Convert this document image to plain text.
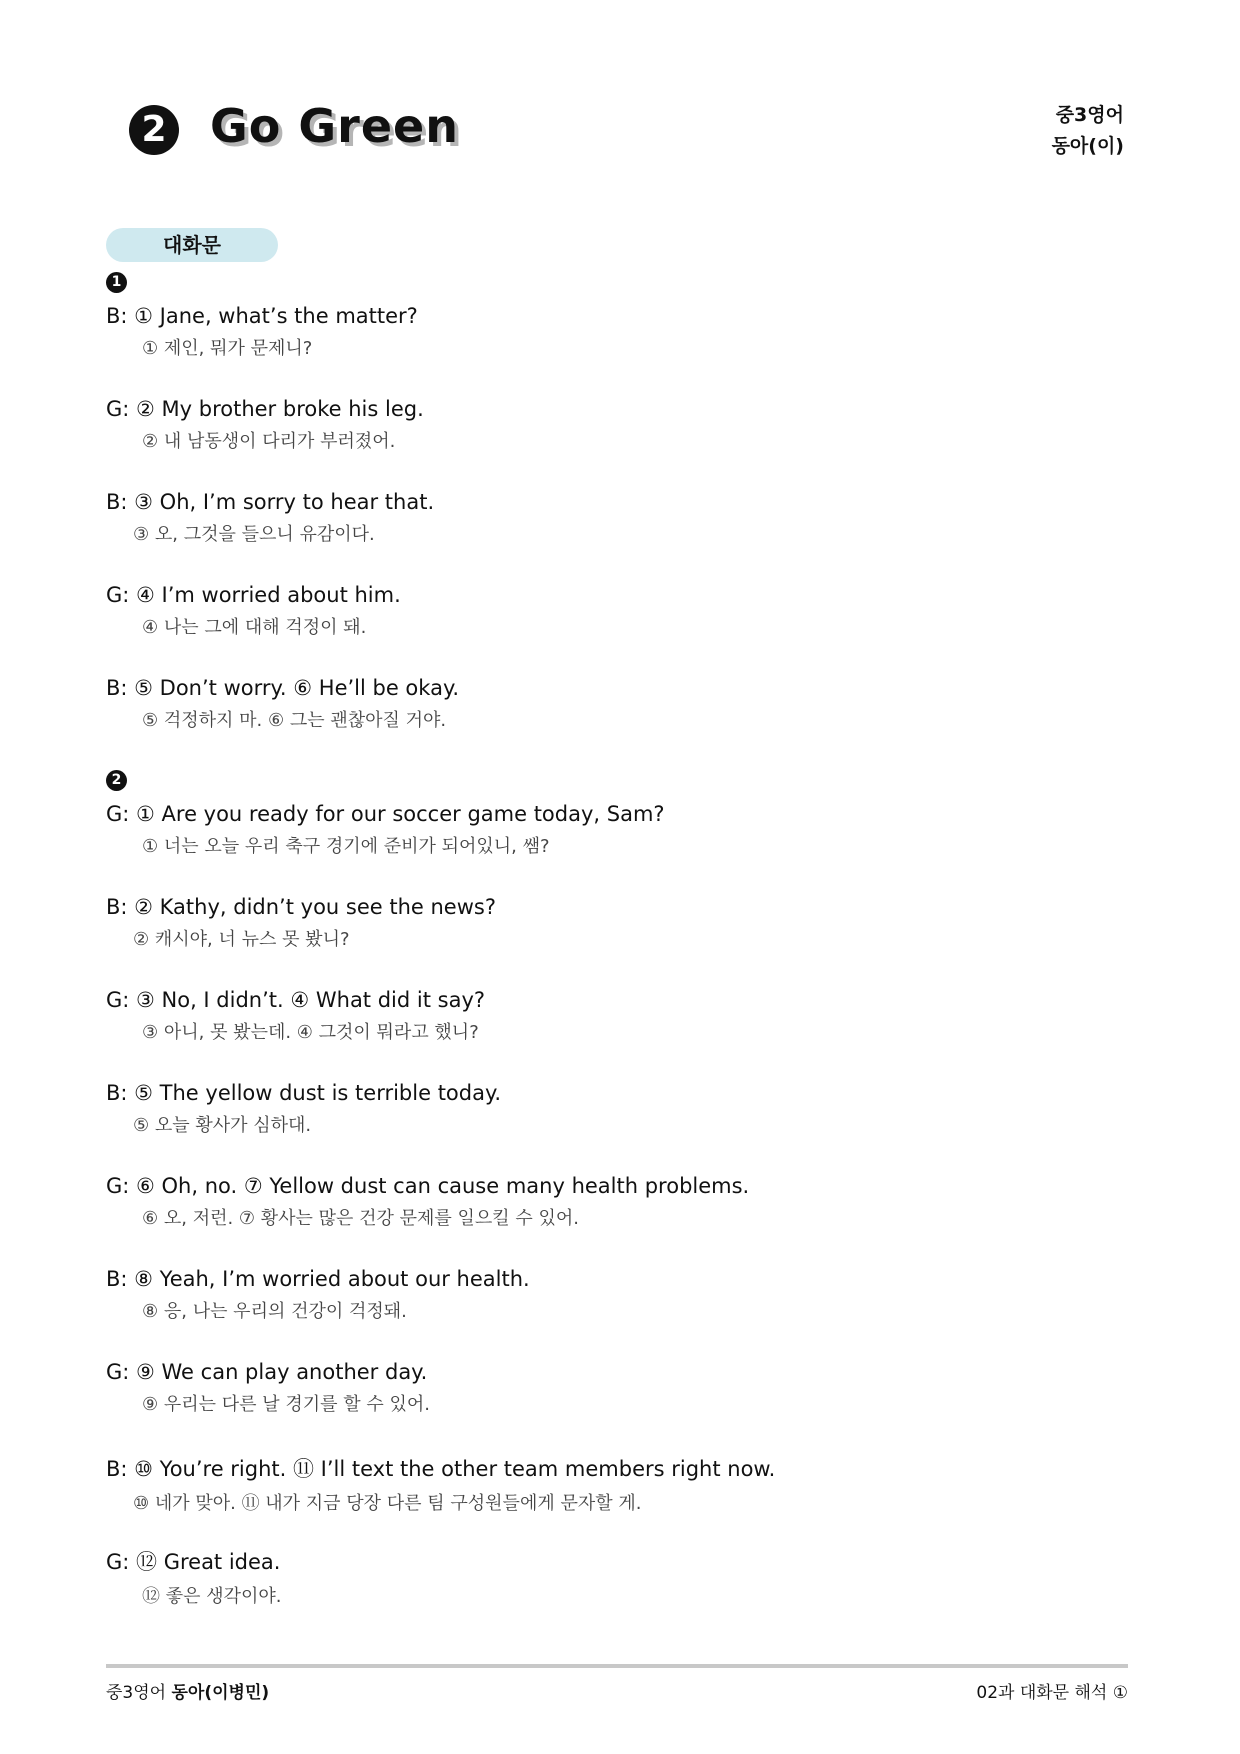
2 Go Green	중3영어
동아(이)
대화문
1
B: ① Jane, what’s the matter?
① 제인, 뭐가 문제니?
G: ② My brother broke his leg.
② 내 남동생이 다리가 부러졌어.
B: ③ Oh, I’m sorry to hear that.
③ 오, 그것을 들으니 유감이다.
G: ④ I’m worried about him.
④ 나는 그에 대해 걱정이 돼.
B: ⑤ Don’t worry. ⑥ He’ll be okay.
⑤ 걱정하지 마. ⑥ 그는 괜찮아질 거야.
2
G: ① Are you ready for our soccer game today, Sam?
① 너는 오늘 우리 축구 경기에 준비가 되어있니, 쌤?
B: ② Kathy, didn’t you see the news?
② 캐시야, 너 뉴스 못 봤니?
G: ③ No, I didn’t. ④ What did it say?
③ 아니, 못 봤는데. ④ 그것이 뭐라고 했니?
B: ⑤ The yellow dust is terrible today.
⑤ 오늘 황사가 심하대.
G: ⑥ Oh, no. ⑦ Yellow dust can cause many health problems.
⑥ 오, 저런. ⑦ 황사는 많은 건강 문제를 일으킬 수 있어.
B: ⑧ Yeah, I’m worried about our health.
⑧ 응, 나는 우리의 건강이 걱정돼.
G: ⑨ We can play another day.
⑨ 우리는 다른 날 경기를 할 수 있어.
B: ⑩ You’re right. ⑪ I’ll text the other team members right now.
⑩ 네가 맞아. ⑪ 내가 지금 당장 다른 팀 구성원들에게 문자할 게.
G: ⑫ Great idea.
⑫ 좋은 생각이야.
중3영어 동아(이병민)	02과 대화문 해석 ①
